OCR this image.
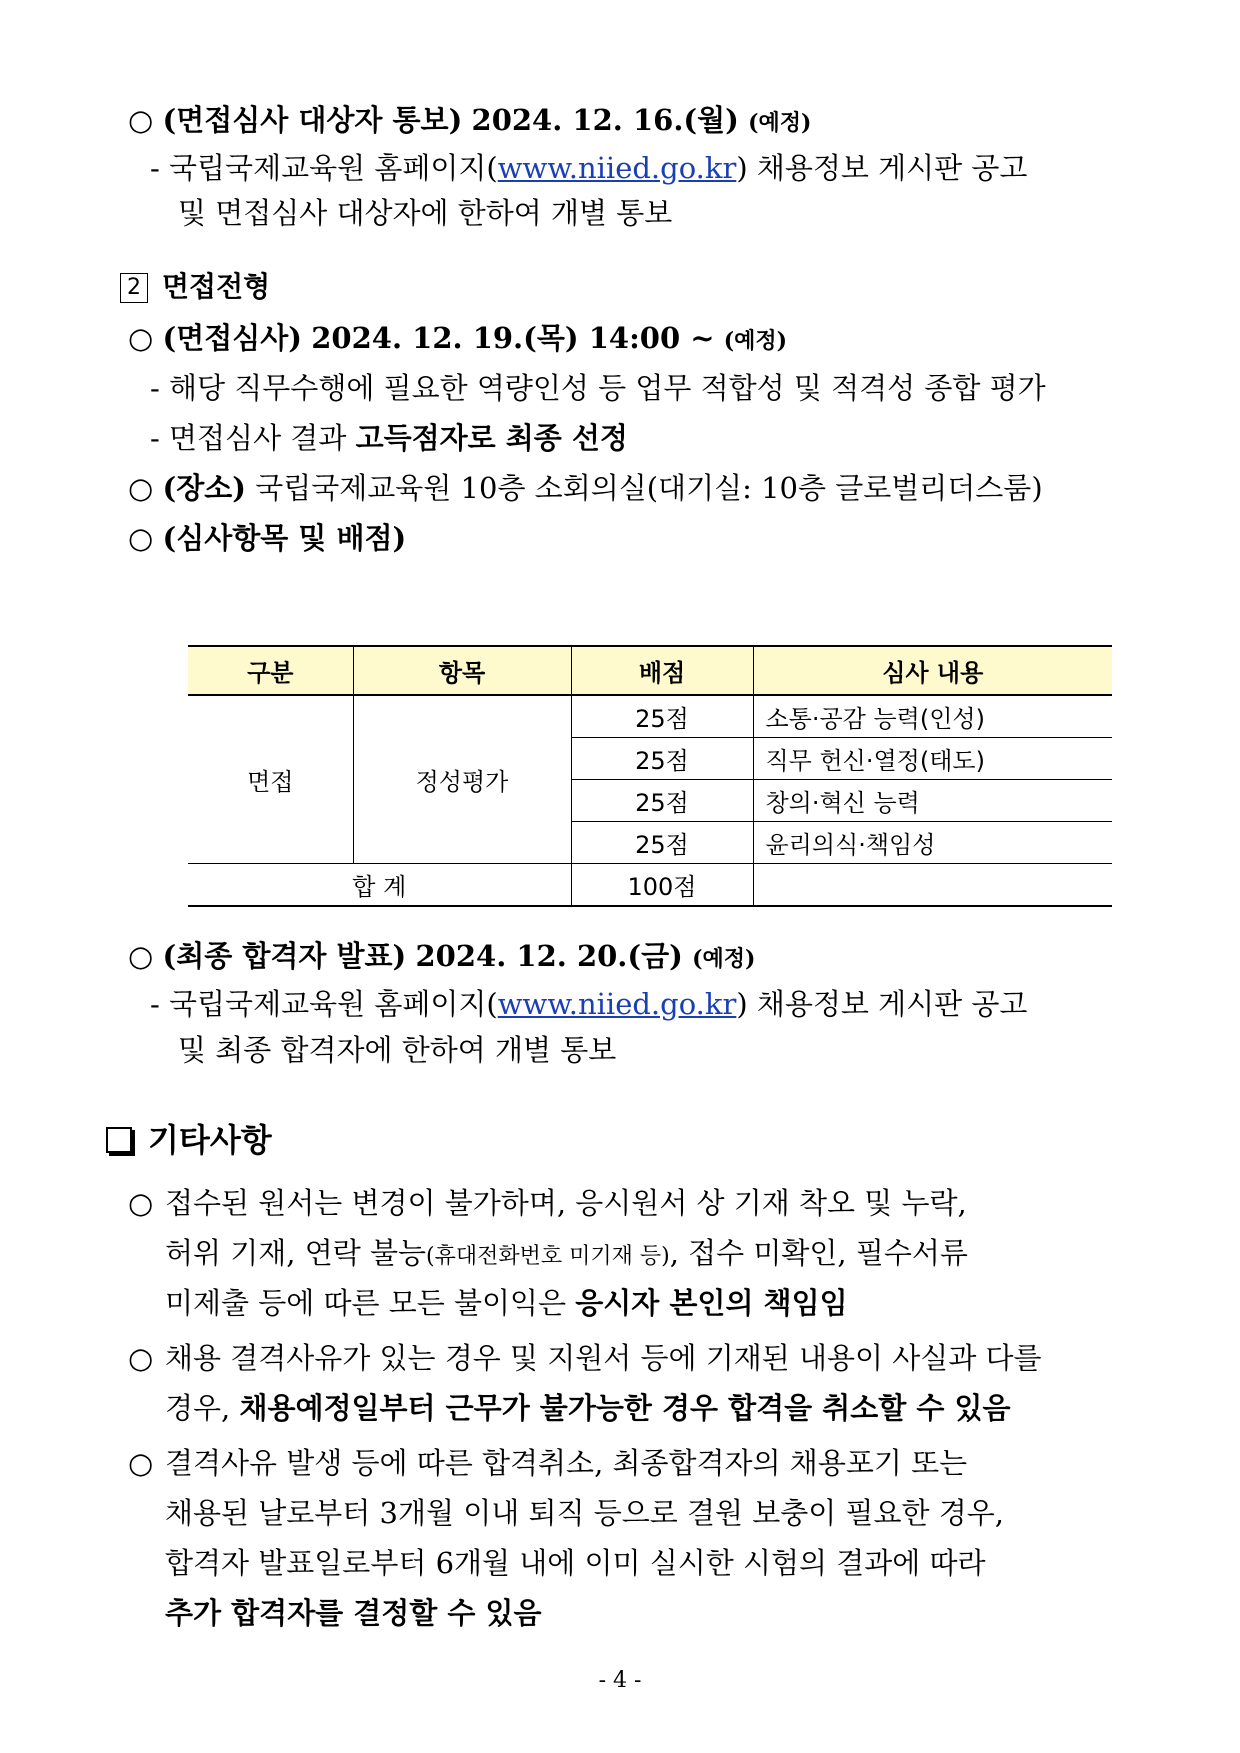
○ (면접심사 대상자 통보) 2024. 12. 16.(월) (예정)
- 국립국제교육원 홈페이지(www.niied.go.kr) 채용정보 게시판 공고
및 면접심사 대상자에 한하여 개별 통보
2 면접전형
○ (면접심사) 2024. 12. 19.(목) 14:00 ~ (예정)
- 해당 직무수행에 필요한 역량인성 등 업무 적합성 및 적격성 종합 평가
- 면접심사 결과 고득점자로 최종 선정
○ (장소) 국립국제교육원 10층 소회의실(대기실: 10층 글로벌리더스룸)
○ (심사항목 및 배점)
구분	항목	배점	심사 내용
면접	정성평가	25점	소통·공감 능력(인성)
		25점	직무 헌신·열정(태도)
		25점	창의·혁신 능력
		25점	윤리의식·책임성
합 계		100점	
○ (최종 합격자 발표) 2024. 12. 20.(금) (예정)
- 국립국제교육원 홈페이지(www.niied.go.kr) 채용정보 게시판 공고
및 최종 합격자에 한하여 개별 통보
기타사항
○ 접수된 원서는 변경이 불가하며, 응시원서 상 기재 착오 및 누락,
허위 기재, 연락 불능(휴대전화번호 미기재 등), 접수 미확인, 필수서류
미제출 등에 따른 모든 불이익은 응시자 본인의 책임임
○ 채용 결격사유가 있는 경우 및 지원서 등에 기재된 내용이 사실과 다를
경우, 채용예정일부터 근무가 불가능한 경우 합격을 취소할 수 있음
○ 결격사유 발생 등에 따른 합격취소, 최종합격자의 채용포기 또는
채용된 날로부터 3개월 이내 퇴직 등으로 결원 보충이 필요한 경우,
합격자 발표일로부터 6개월 내에 이미 실시한 시험의 결과에 따라
추가 합격자를 결정할 수 있음
- 4 -
